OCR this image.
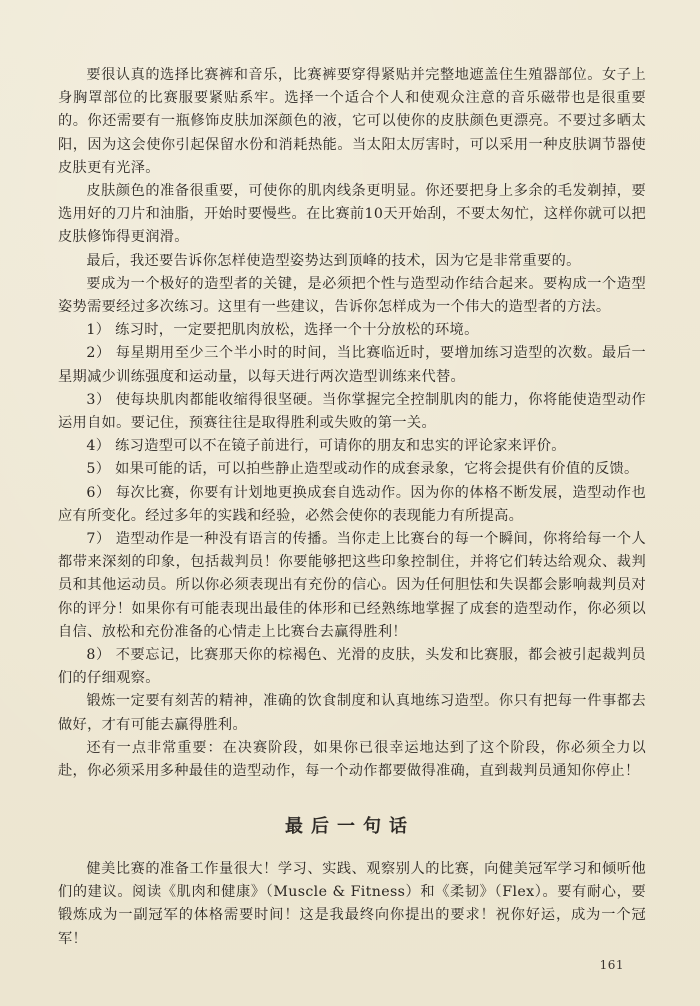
要很认真的选择比赛裤和音乐，比赛裤要穿得紧贴并完整地遮盖住生殖器部位。女子上身胸罩部位的比赛服要紧贴系牢。选择一个适合个人和使观众注意的音乐磁带也是很重要的。你还需要有一瓶修饰皮肤加深颜色的液，它可以使你的皮肤颜色更漂亮。不要过多晒太阳，因为这会使你引起保留水份和消耗热能。当太阳太厉害时，可以采用一种皮肤调节器使皮肤更有光泽。

皮肤颜色的准备很重要，可使你的肌肉线条更明显。你还要把身上多余的毛发剃掉，要选用好的刀片和油脂，开始时要慢些。在比赛前10天开始刮，不要太匆忙，这样你就可以把皮肤修饰得更润滑。

最后，我还要告诉你怎样使造型姿势达到顶峰的技术，因为它是非常重要的。

要成为一个极好的造型者的关键，是必须把个性与造型动作结合起来。要构成一个造型姿势需要经过多次练习。这里有一些建议，告诉你怎样成为一个伟大的造型者的方法。

1） 练习时，一定要把肌肉放松，选择一个十分放松的环境。

2） 每星期用至少三个半小时的时间，当比赛临近时，要增加练习造型的次数。最后一星期减少训练强度和运动量，以每天进行两次造型训练来代替。

3） 使每块肌肉都能收缩得很坚硬。当你掌握完全控制肌肉的能力，你将能使造型动作运用自如。要记住，预赛往往是取得胜利或失败的第一关。

4） 练习造型可以不在镜子前进行，可请你的朋友和忠实的评论家来评价。

5） 如果可能的话，可以拍些静止造型或动作的成套录象，它将会提供有价值的反馈。

6） 每次比赛，你要有计划地更换成套自选动作。因为你的体格不断发展，造型动作也应有所变化。经过多年的实践和经验，必然会使你的表现能力有所提高。

7） 造型动作是一种没有语言的传播。当你走上比赛台的每一个瞬间，你将给每一个人都带来深刻的印象，包括裁判员！你要能够把这些印象控制住，并将它们转达给观众、裁判员和其他运动员。所以你必须表现出有充份的信心。因为任何胆怯和失误都会影响裁判员对你的评分！如果你有可能表现出最佳的体形和已经熟练地掌握了成套的造型动作，你必须以自信、放松和充份准备的心情走上比赛台去赢得胜利！

8） 不要忘记，比赛那天你的棕褐色、光滑的皮肤，头发和比赛服，都会被引起裁判员们的仔细观察。

锻炼一定要有刻苦的精神，准确的饮食制度和认真地练习造型。你只有把每一件事都去做好，才有可能去赢得胜利。

还有一点非常重要：在决赛阶段，如果你已很幸运地达到了这个阶段，你必须全力以赴，你必须采用多种最佳的造型动作，每一个动作都要做得准确，直到裁判员通知你停止！

最后一句话

健美比赛的准备工作量很大！学习、实践、观察别人的比赛，向健美冠军学习和倾听他们的建议。阅读《肌肉和健康》（Muscle & Fitness）和《柔韧》（Flex）。要有耐心，要锻炼成为一副冠军的体格需要时间！这是我最终向你提出的要求！祝你好运，成为一个冠军！

161
